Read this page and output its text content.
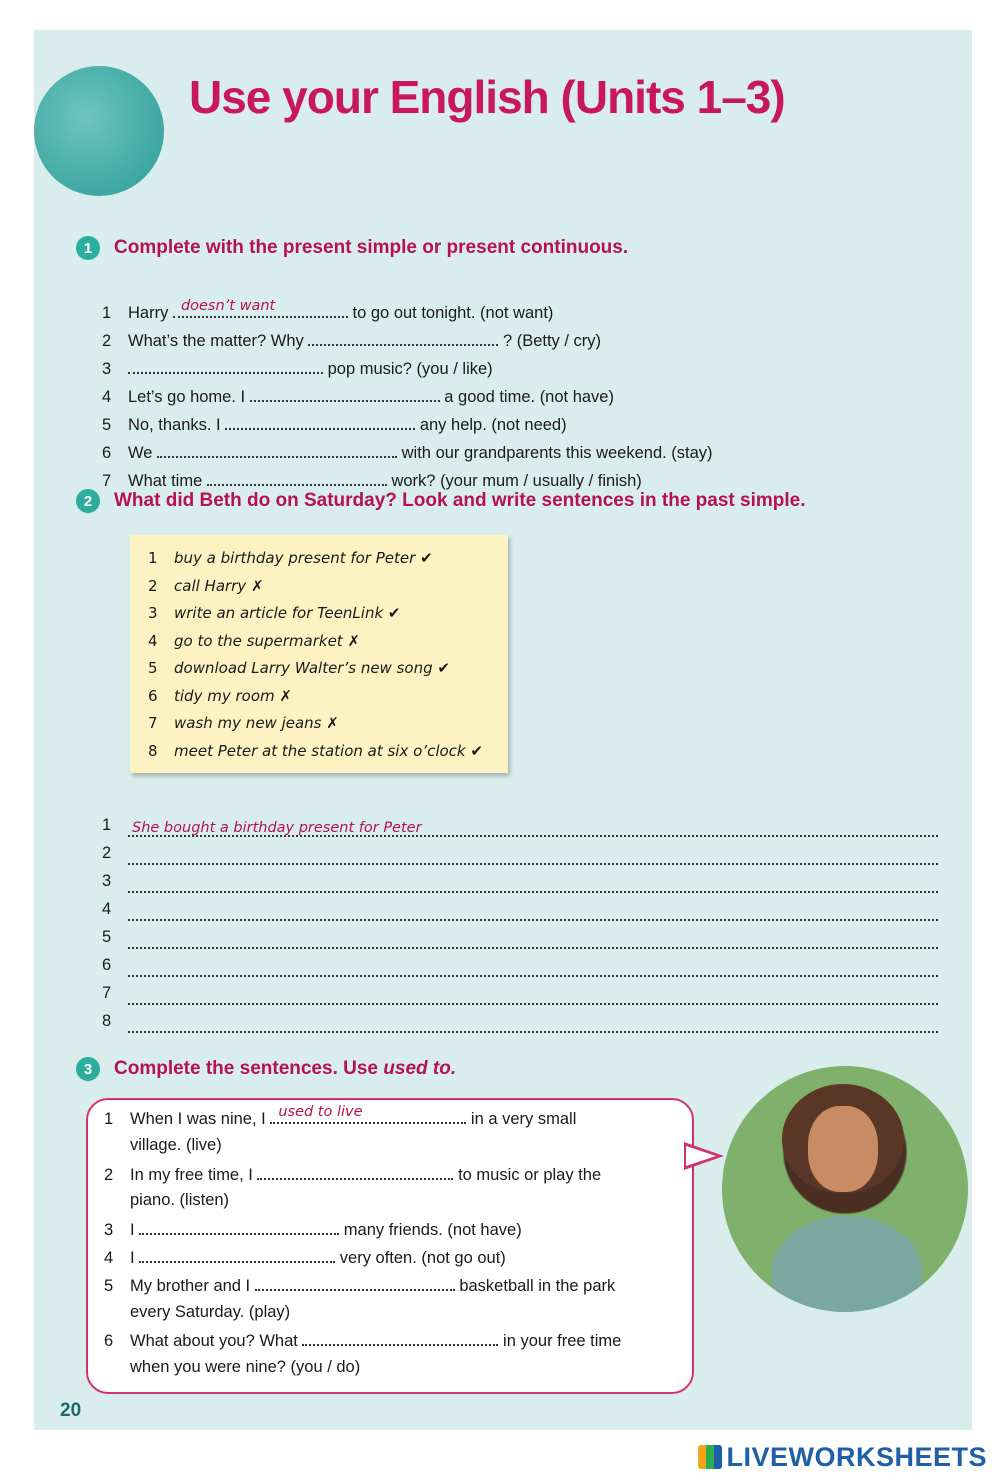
Use your English (Units 1–3)
1	Complete with the present simple or present continuous.
1 Harry doesn’t want	to go out tonight. (not want)
2 What’s the matter? Why	? (Betty / cry)
3	pop music? (you / like)
4 Let’s go home. I	a good time. (not have)
5 No, thanks. I	any help. (not need)
6 We	with our grandparents this weekend. (stay)
7 What time	work? (your mum / usually / finish)
2	What did Beth do on Saturday? Look and write sentences in the past simple.
1 buy a birthday present for Peter ✔
2 call Harry ✗
3 write an article for TeenLink ✔
4 go to the supermarket ✗
5 download Larry Walter’s new song ✔
6 tidy my room ✗
7 wash my new jeans ✗
8 meet Peter at the station at six o’clock ✔
1 She bought a birthday present for Peter
2
3
4
5
6
7
8
3	Complete the sentences. Use used to.
1 When I was nine, I used to live	in a very small
village. (live)
2 In my free time, I	to music or play the
piano. (listen)
3 I	many friends. (not have)
4 I	very often. (not go out)
5 My brother and I	basketball in the park
every Saturday. (play)
6 What about you? What	in your free time
when you were nine? (you / do)
20
LIVEWORKSHEETS
